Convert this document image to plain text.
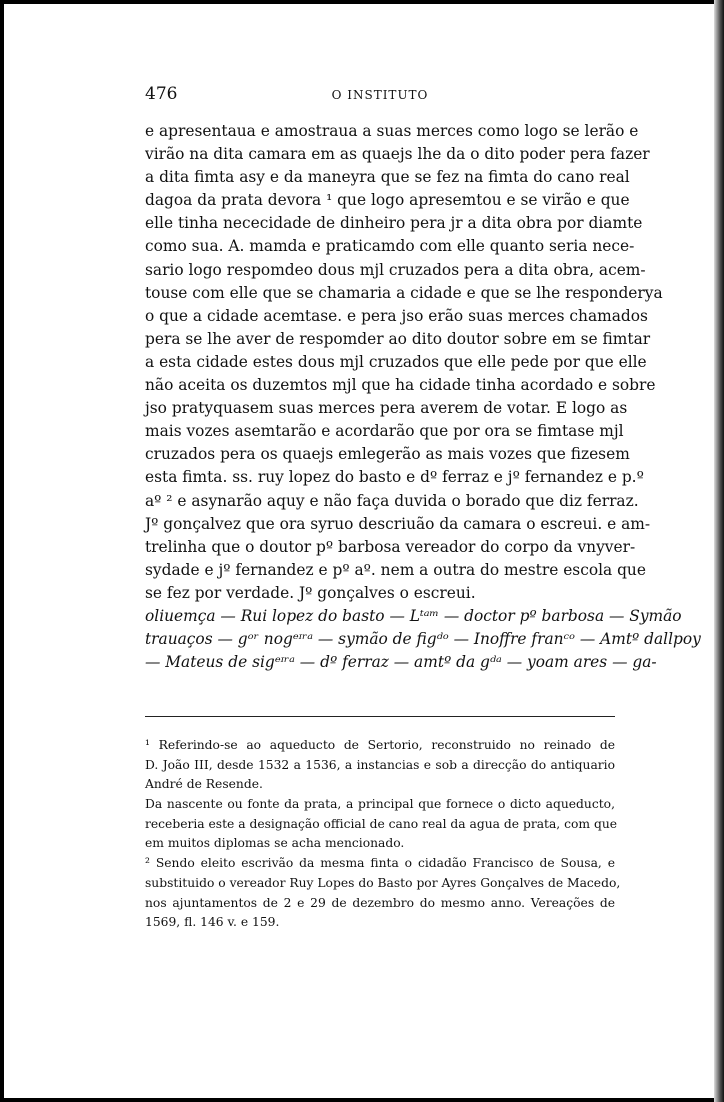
476	O INSTITUTO
e apresentaua e amostraua a suas merces como logo se lerão e
virão na dita camara em as quaejs lhe da o dito poder pera fazer
a dita fimta asy e da maneyra que se fez na fimta do cano real
dagoa da prata devora ¹ que logo apresemtou e se virão e que
elle tinha nececidade de dinheiro pera jr a dita obra por diamte
como sua. A. mamda e praticamdo com elle quanto seria nece-
sario logo respomdeo dous mjl cruzados pera a dita obra, acem-
touse com elle que se chamaria a cidade e que se lhe responderya
o que a cidade acemtase. e pera jso erão suas merces chamados
pera se lhe aver de respomder ao dito doutor sobre em se fimtar
a esta cidade estes dous mjl cruzados que elle pede por que elle
não aceita os duzemtos mjl que ha cidade tinha acordado e sobre
jso pratyquasem suas merces pera averem de votar. E logo as
mais vozes asemtarão e acordarão que por ora se fimtase mjl
cruzados pera os quaejs emlegerão as mais vozes que fizesem
esta fimta. ss. ruy lopez do basto e dº ferraz e jº fernandez e p.º
aº ² e asynarão aquy e não faça duvida o borado que diz ferraz.
Jº gonçalvez que ora syruo descriuão da camara o escreui. e am-
trelinha que o doutor pº barbosa vereador do corpo da vnyver-
sydade e jº fernandez e pº aº. nem a outra do mestre escola que
se fez por verdade. Jº gonçalves o escreui.
oliuemça — Rui lopez do basto — Lᵗᵃᵐ — doctor pº barbosa — Symão
trauaços — gᵒʳ nogᵉᶦʳᵃ — symão de figᵈᵒ — Inoffre franᶜᵒ — Amtº dallpoy
— Mateus de sigᵉᶦʳᵃ — dº ferraz — amtº da gᵈᵃ — yoam ares — ga-
¹ Referindo-se ao aqueducto de Sertorio, reconstruido no reinado de
D. João III, desde 1532 a 1536, a instancias e sob a direcção do antiquario
André de Resende.
Da nascente ou fonte da prata, a principal que fornece o dicto aqueducto,
receberia este a designação official de cano real da agua de prata, com que
em muitos diplomas se acha mencionado.
² Sendo eleito escrivão da mesma finta o cidadão Francisco de Sousa, e
substituido o vereador Ruy Lopes do Basto por Ayres Gonçalves de Macedo,
nos ajuntamentos de 2 e 29 de dezembro do mesmo anno. Vereações de
1569, fl. 146 v. e 159.
